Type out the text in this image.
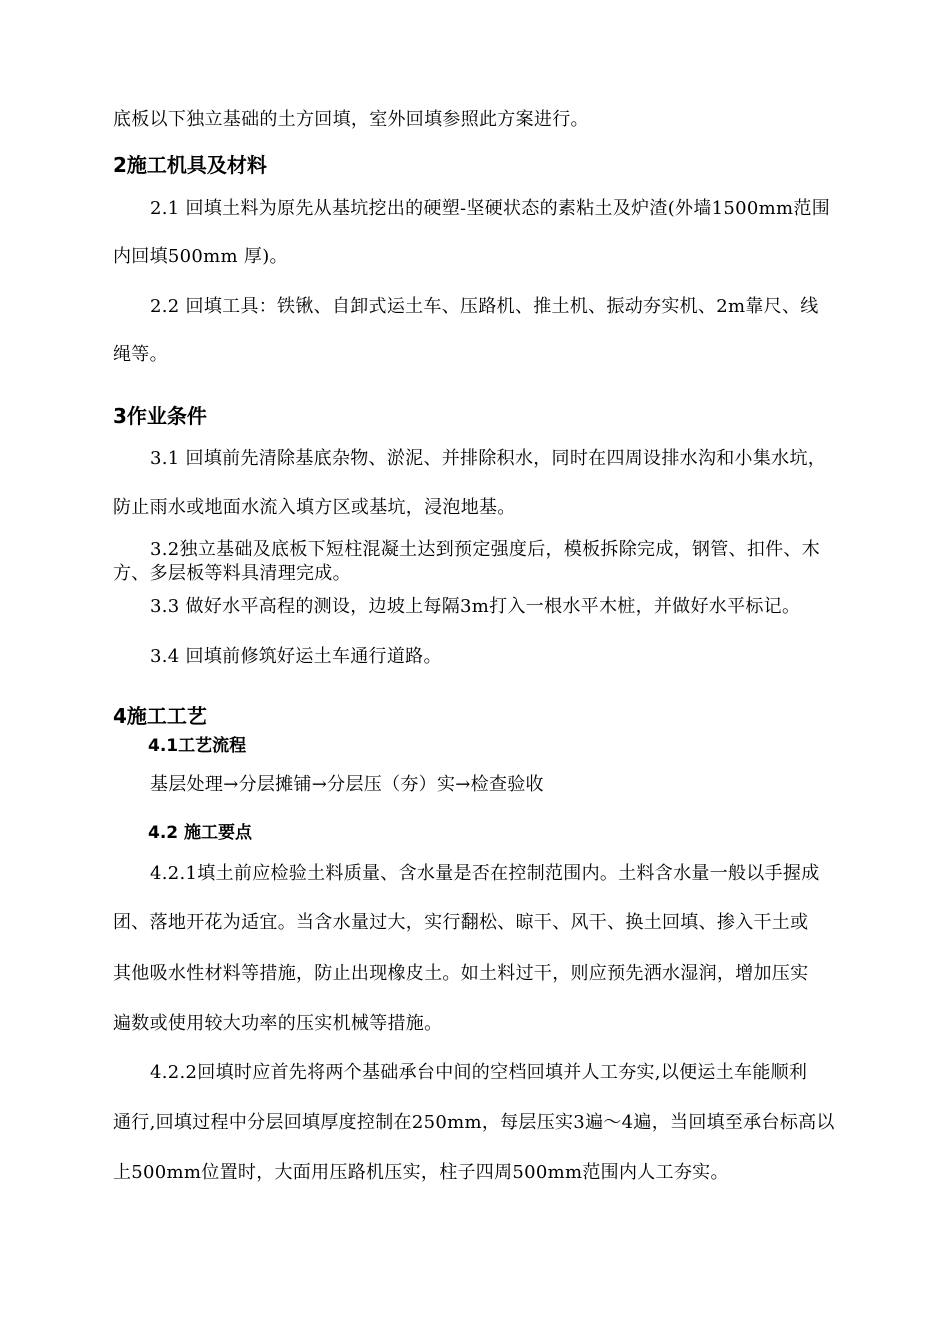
底板以下独立基础的土方回填，室外回填参照此方案进行。
2施工机具及材料
2.1 回填土料为原先从基坑挖出的硬塑-坚硬状态的素粘土及炉渣(外墙1500mm范围
内回填500mm 厚)。
2.2 回填工具：铁锹、自卸式运土车、压路机、推土机、振动夯实机、2m靠尺、线
绳等。
3作业条件
3.1 回填前先清除基底杂物、淤泥、并排除积水，同时在四周设排水沟和小集水坑，
防止雨水或地面水流入填方区或基坑，浸泡地基。
3.2独立基础及底板下短柱混凝土达到预定强度后，模板拆除完成，钢管、扣件、木
方、多层板等料具清理完成。
3.3 做好水平高程的测设，边坡上每隔3m打入一根水平木桩，并做好水平标记。
3.4 回填前修筑好运土车通行道路。
4施工工艺
4.1工艺流程
基层处理→分层摊铺→分层压（夯）实→检查验收
4.2 施工要点
4.2.1填土前应检验土料质量、含水量是否在控制范围内。土料含水量一般以手握成
团、落地开花为适宜。当含水量过大，实行翻松、晾干、风干、换土回填、掺入干土或
其他吸水性材料等措施，防止出现橡皮土。如土料过干，则应预先洒水湿润，增加压实
遍数或使用较大功率的压实机械等措施。
4.2.2回填时应首先将两个基础承台中间的空档回填并人工夯实,以便运土车能顺利
通行,回填过程中分层回填厚度控制在250mm，每层压实3遍～4遍，当回填至承台标高以
上500mm位置时，大面用压路机压实，柱子四周500mm范围内人工夯实。
